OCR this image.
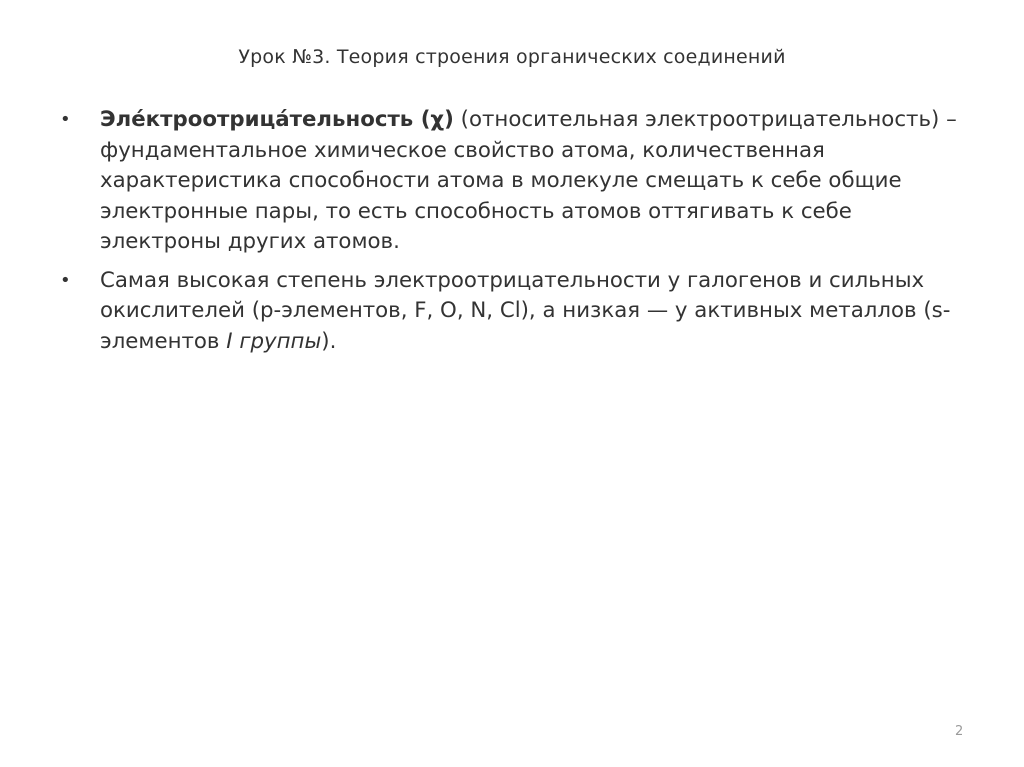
Урок №3. Теория строения органических соединений
• Эле́ктроотрица́тельность (χ) (относительная электроотрицательность) – фундаментальное химическое свойство атома, количественная характеристика способности атома в молекуле смещать к себе общие электронные пары, то есть способность атомов оттягивать к себе электроны других атомов.
• Самая высокая степень электроотрицательности у галогенов и сильных окислителей (p-элементов, F, O, N, Cl), а низкая — у активных металлов (s-элементов I группы).
2
